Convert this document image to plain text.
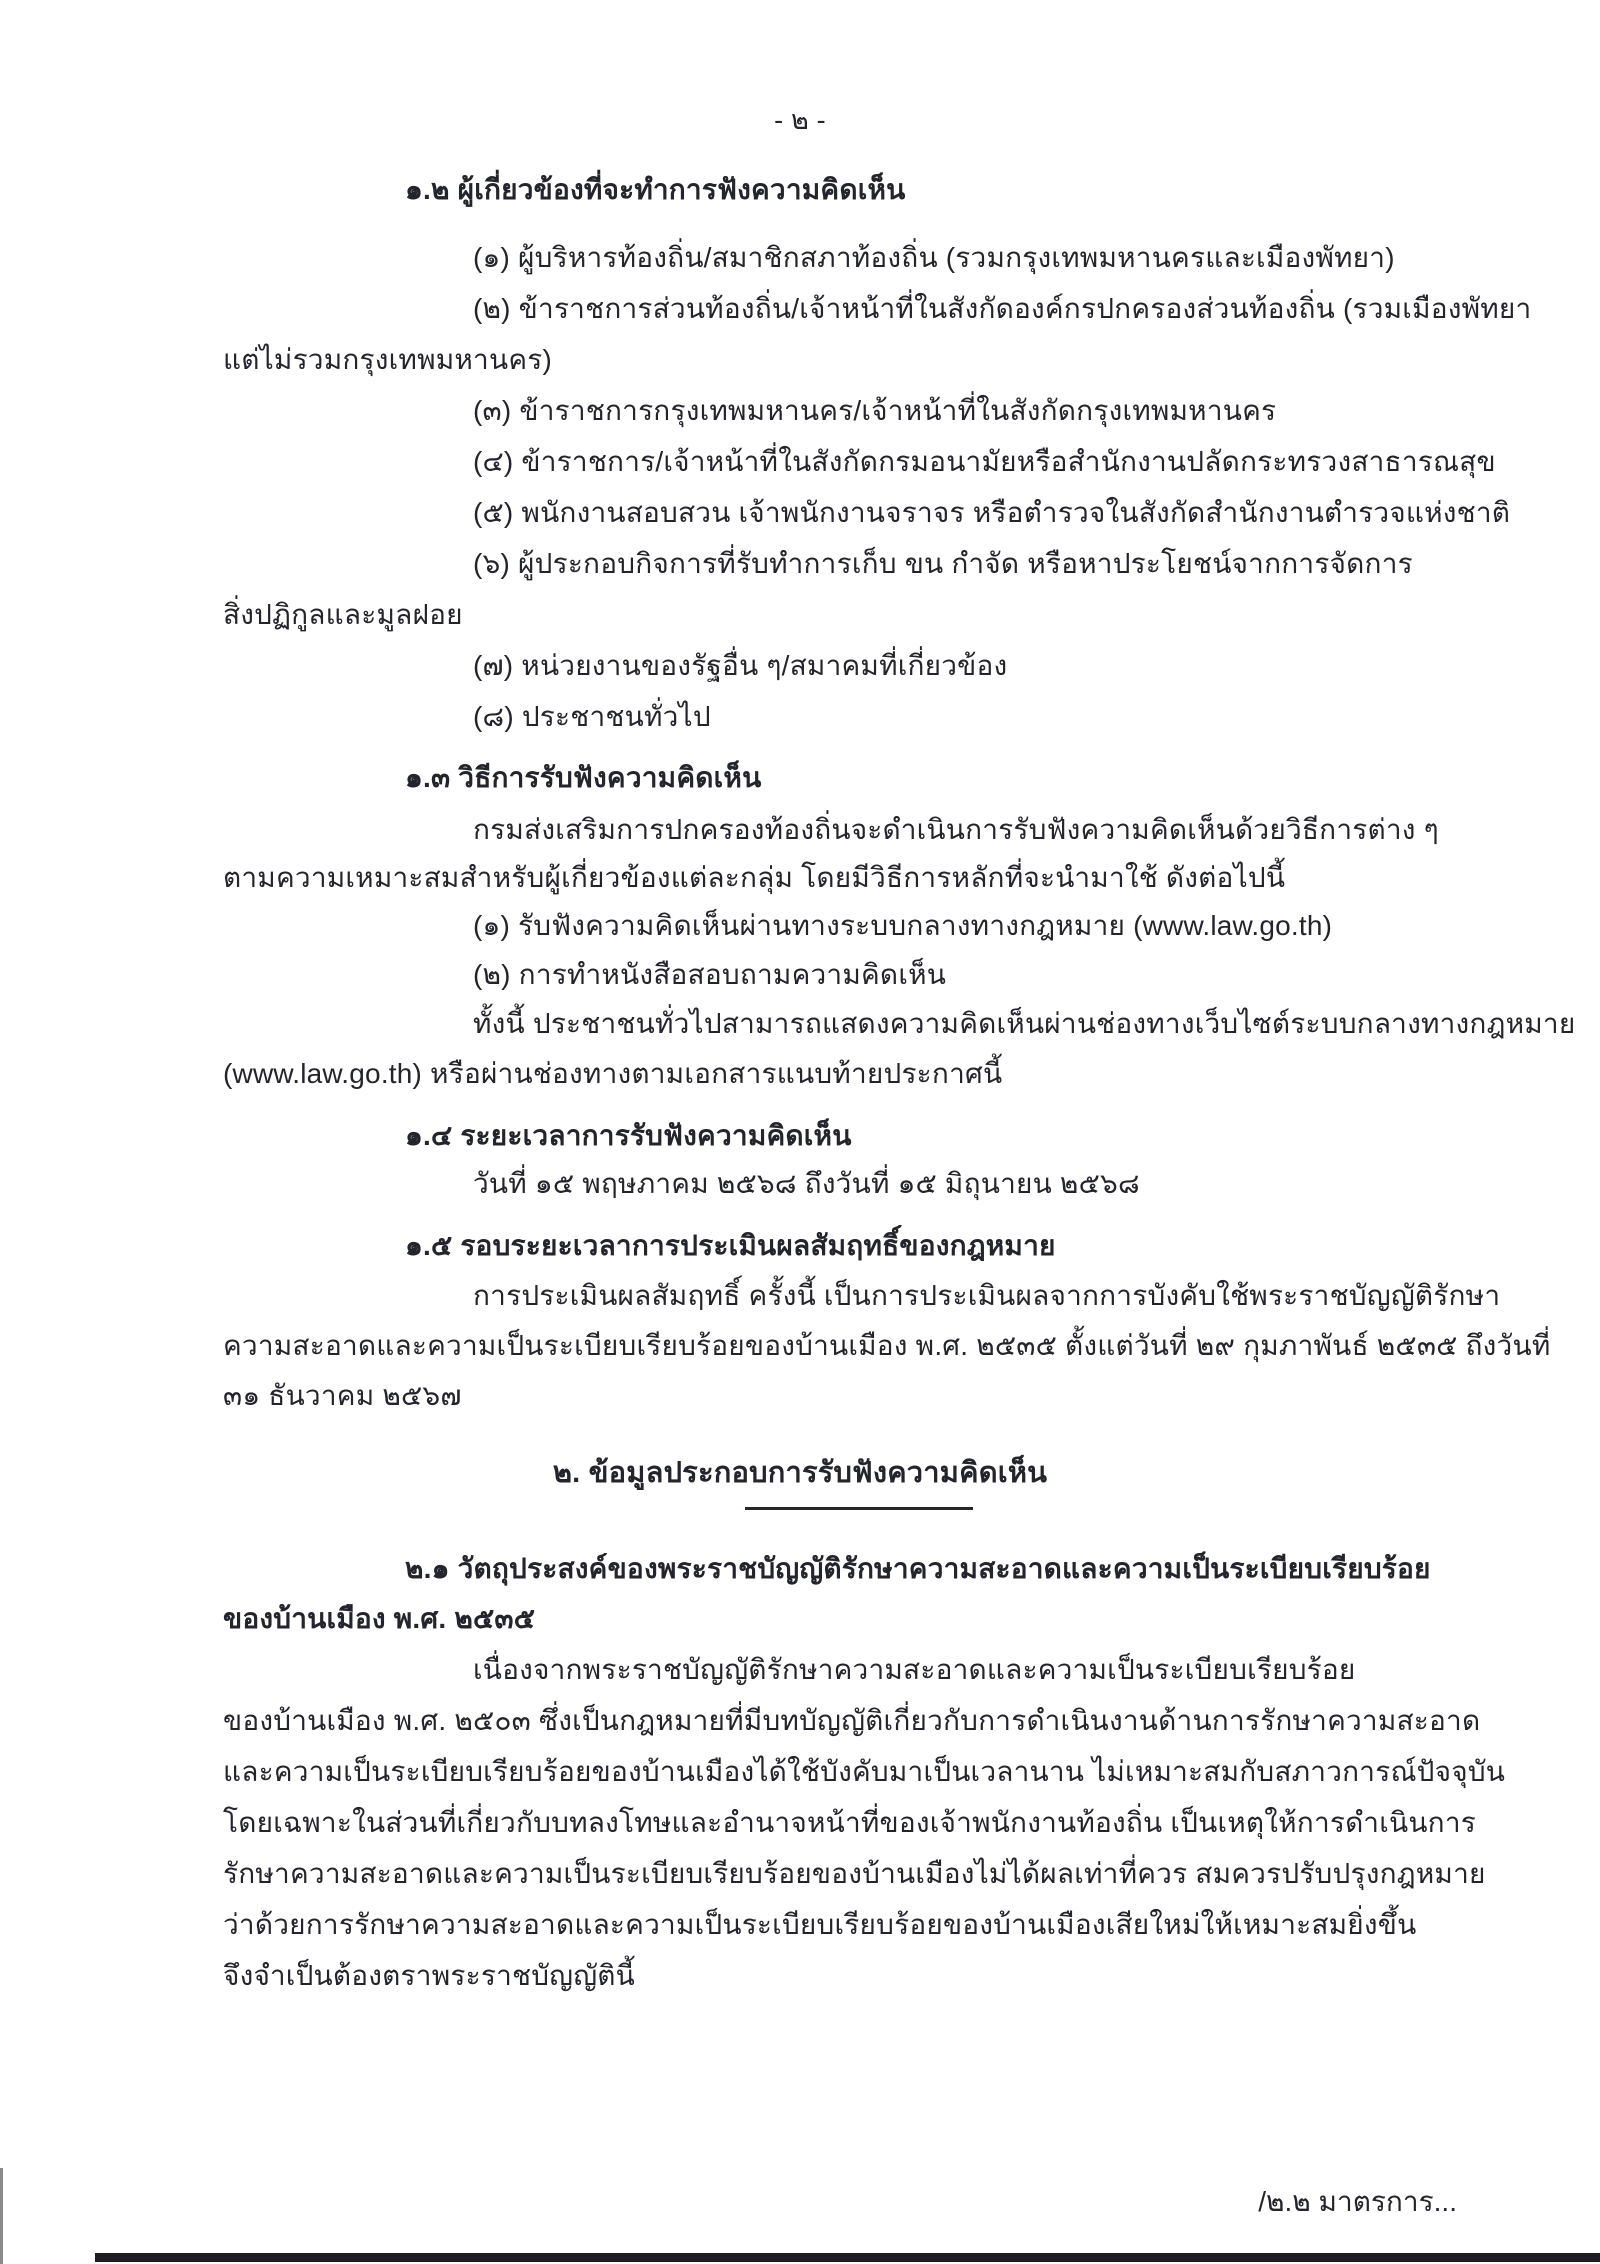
- ๒ -
๑.๒ ผู้เกี่ยวข้องที่จะทำการฟังความคิดเห็น
(๑) ผู้บริหารท้องถิ่น/สมาชิกสภาท้องถิ่น (รวมกรุงเทพมหานครและเมืองพัทยา)
(๒) ข้าราชการส่วนท้องถิ่น/เจ้าหน้าที่ในสังกัดองค์กรปกครองส่วนท้องถิ่น (รวมเมืองพัทยา
แต่ไม่รวมกรุงเทพมหานคร)
(๓) ข้าราชการกรุงเทพมหานคร/เจ้าหน้าที่ในสังกัดกรุงเทพมหานคร
(๔) ข้าราชการ/เจ้าหน้าที่ในสังกัดกรมอนามัยหรือสำนักงานปลัดกระทรวงสาธารณสุข
(๕) พนักงานสอบสวน เจ้าพนักงานจราจร หรือตำรวจในสังกัดสำนักงานตำรวจแห่งชาติ
(๖) ผู้ประกอบกิจการที่รับทำการเก็บ ขน กำจัด หรือหาประโยชน์จากการจัดการ
สิ่งปฏิกูลและมูลฝอย
(๗) หน่วยงานของรัฐอื่น ๆ/สมาคมที่เกี่ยวข้อง
(๘) ประชาชนทั่วไป
๑.๓ วิธีการรับฟังความคิดเห็น
กรมส่งเสริมการปกครองท้องถิ่นจะดำเนินการรับฟังความคิดเห็นด้วยวิธีการต่าง ๆ
ตามความเหมาะสมสำหรับผู้เกี่ยวข้องแต่ละกลุ่ม โดยมีวิธีการหลักที่จะนำมาใช้ ดังต่อไปนี้
(๑) รับฟังความคิดเห็นผ่านทางระบบกลางทางกฎหมาย (www.law.go.th)
(๒) การทำหนังสือสอบถามความคิดเห็น
ทั้งนี้ ประชาชนทั่วไปสามารถแสดงความคิดเห็นผ่านช่องทางเว็บไซต์ระบบกลางทางกฎหมาย
(www.law.go.th) หรือผ่านช่องทางตามเอกสารแนบท้ายประกาศนี้
๑.๔ ระยะเวลาการรับฟังความคิดเห็น
วันที่ ๑๕ พฤษภาคม ๒๕๖๘ ถึงวันที่ ๑๕ มิถุนายน ๒๕๖๘
๑.๕ รอบระยะเวลาการประเมินผลสัมฤทธิ์ของกฎหมาย
การประเมินผลสัมฤทธิ์ ครั้งนี้ เป็นการประเมินผลจากการบังคับใช้พระราชบัญญัติรักษา
ความสะอาดและความเป็นระเบียบเรียบร้อยของบ้านเมือง พ.ศ. ๒๕๓๕ ตั้งแต่วันที่ ๒๙ กุมภาพันธ์ ๒๕๓๕ ถึงวันที่
๓๑ ธันวาคม ๒๕๖๗
๒. ข้อมูลประกอบการรับฟังความคิดเห็น
๒.๑ วัตถุประสงค์ของพระราชบัญญัติรักษาความสะอาดและความเป็นระเบียบเรียบร้อย
ของบ้านเมือง พ.ศ. ๒๕๓๕
เนื่องจากพระราชบัญญัติรักษาความสะอาดและความเป็นระเบียบเรียบร้อย
ของบ้านเมือง พ.ศ. ๒๕๐๓ ซึ่งเป็นกฎหมายที่มีบทบัญญัติเกี่ยวกับการดำเนินงานด้านการรักษาความสะอาด
และความเป็นระเบียบเรียบร้อยของบ้านเมืองได้ใช้บังคับมาเป็นเวลานาน ไม่เหมาะสมกับสภาวการณ์ปัจจุบัน
โดยเฉพาะในส่วนที่เกี่ยวกับบทลงโทษและอำนาจหน้าที่ของเจ้าพนักงานท้องถิ่น เป็นเหตุให้การดำเนินการ
รักษาความสะอาดและความเป็นระเบียบเรียบร้อยของบ้านเมืองไม่ได้ผลเท่าที่ควร สมควรปรับปรุงกฎหมาย
ว่าด้วยการรักษาความสะอาดและความเป็นระเบียบเรียบร้อยของบ้านเมืองเสียใหม่ให้เหมาะสมยิ่งขึ้น
จึงจำเป็นต้องตราพระราชบัญญัตินี้
/๒.๒ มาตรการ...
